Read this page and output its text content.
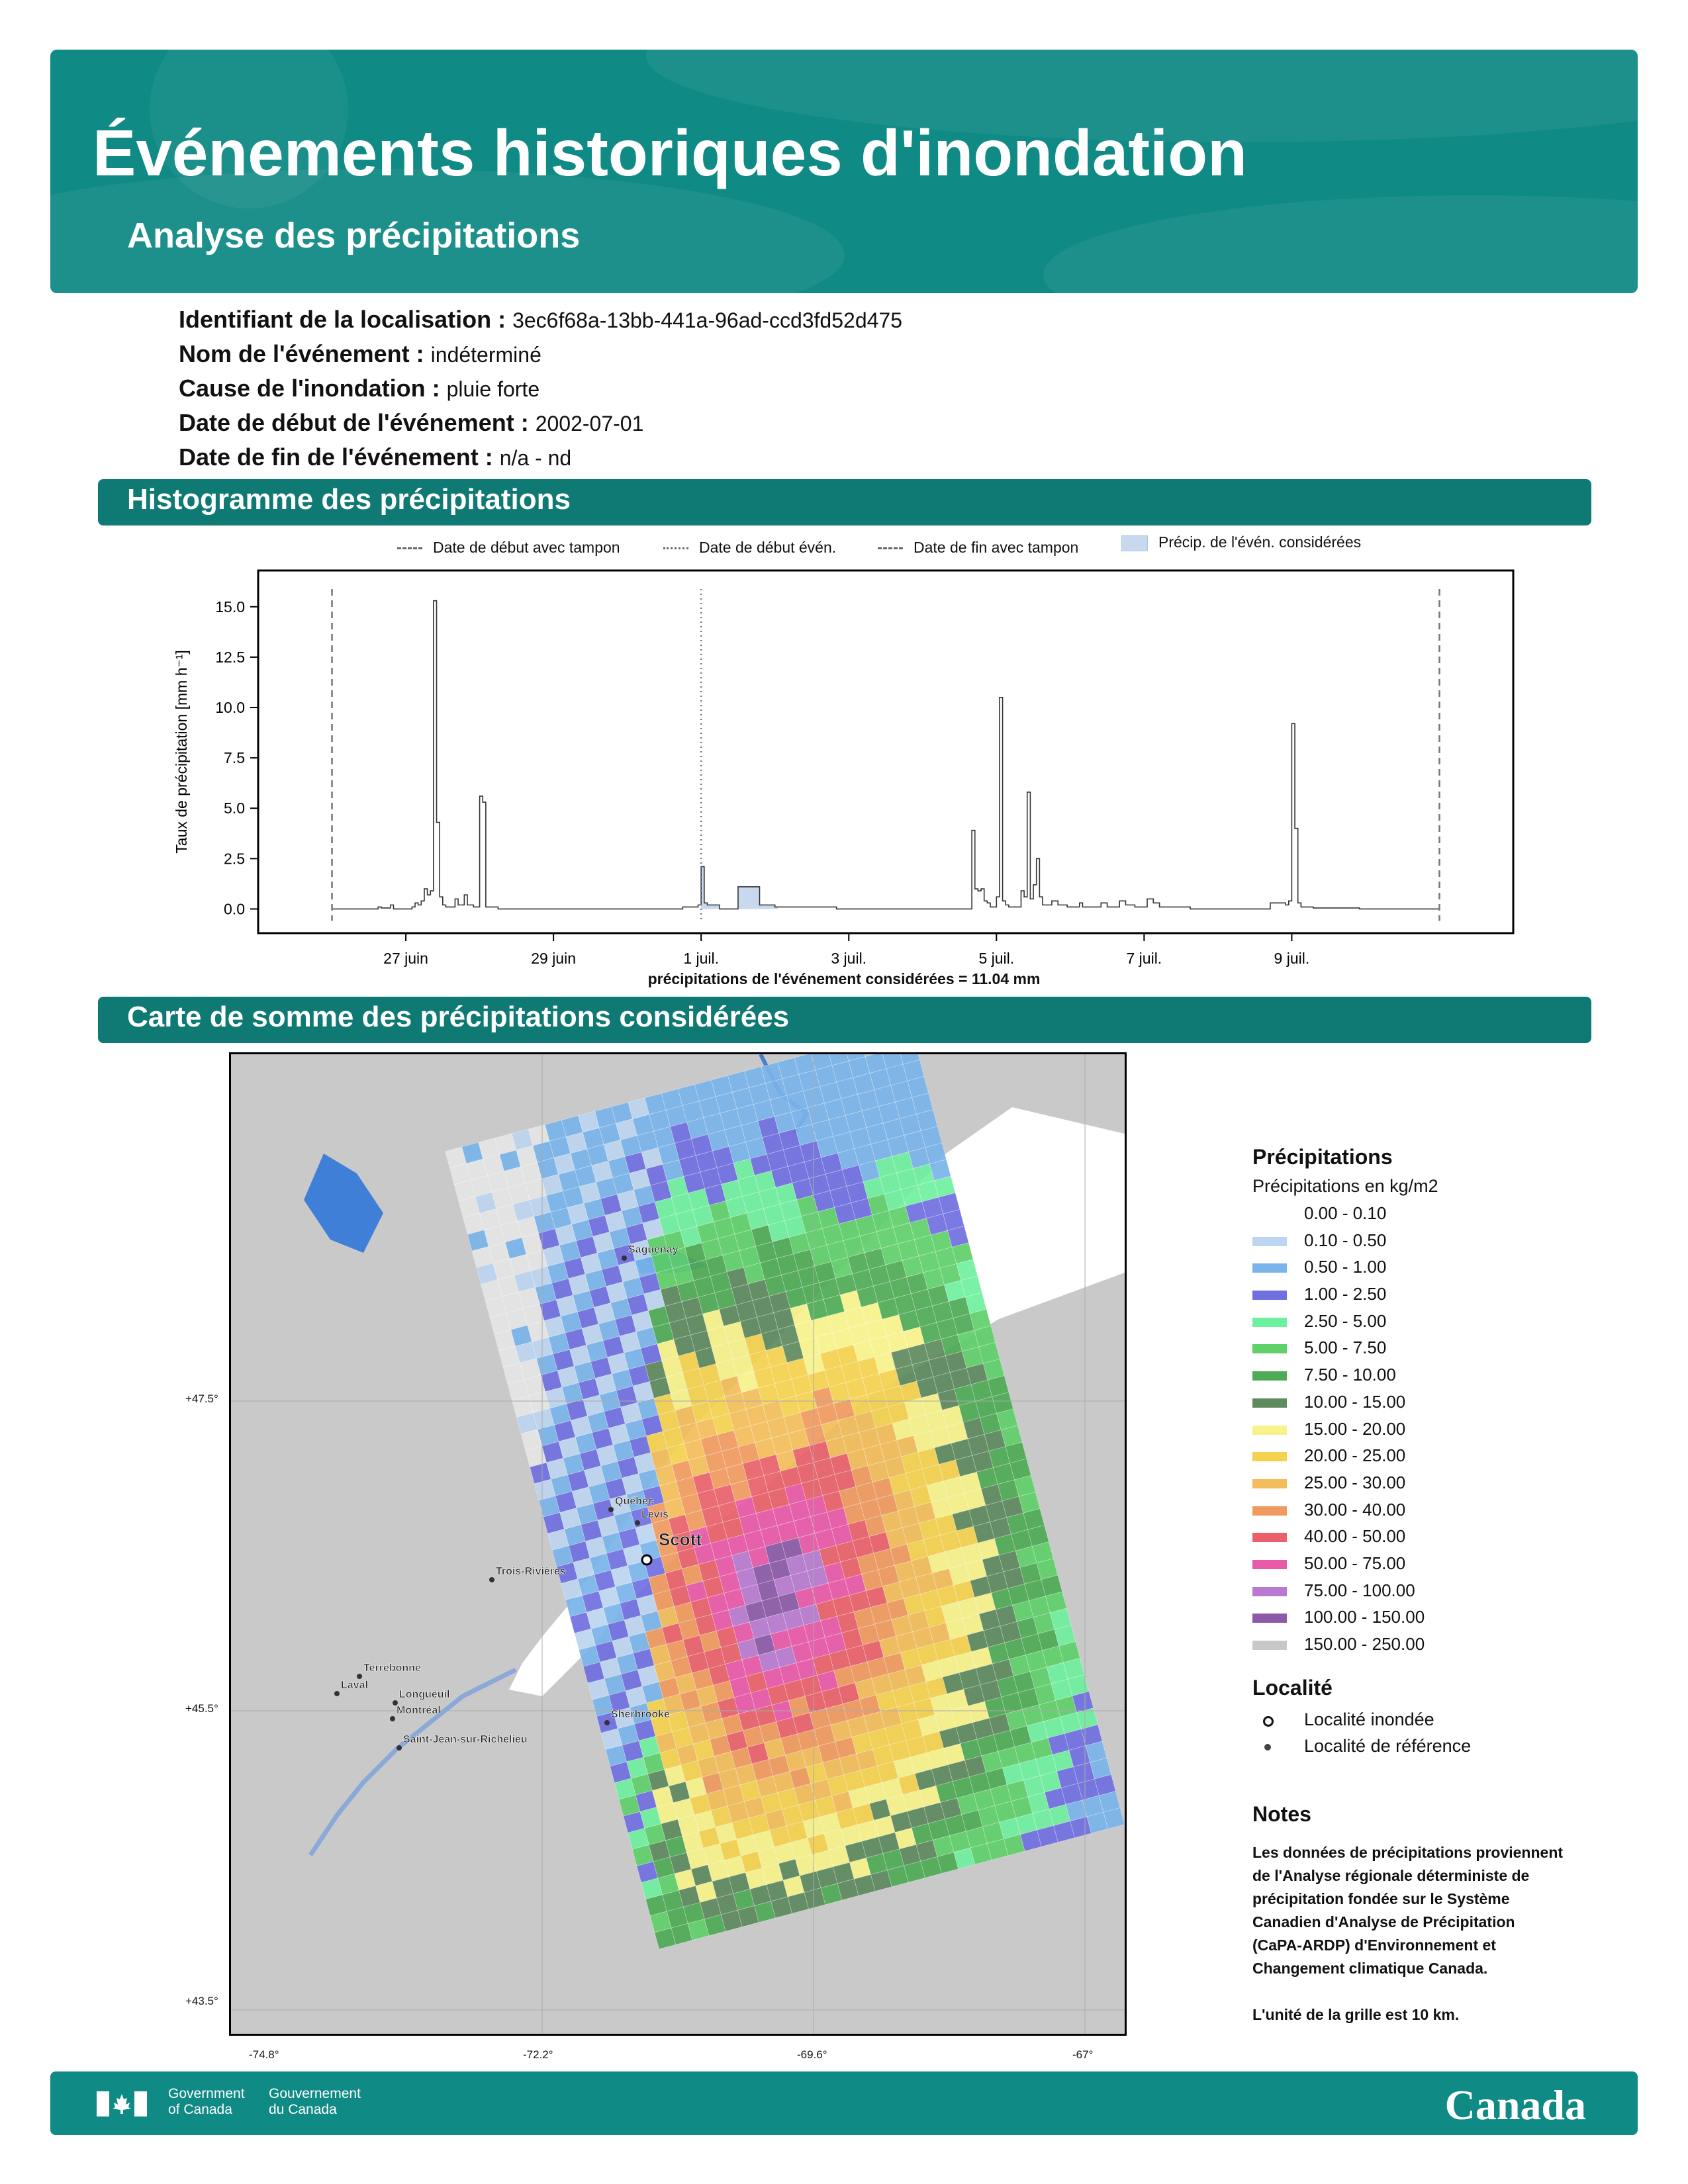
Événements historiques d'inondation
Analyse des précipitations
Identifiant de la localisation : 3ec6f68a-13bb-441a-96ad-ccd3fd52d475
Nom de l'événement : indéterminé
Cause de l'inondation : pluie forte
Date de début de l'événement : 2002-07-01
Date de fin de l'événement : n/a - nd
Histogramme des précipitations
Date de début avec tampon	Date de début évén.	Date de fin avec tampon	Précip. de l'évén. considérées
0.0
2.5
5.0
7.5
10.0
12.5
15.0
27 juin	29 juin	1 juil.	3 juil.	5 juil.	7 juil.	9 juil.
Taux de précipitation [mm h⁻¹]
précipitations de l'événement considérées = 11.04 mm
Carte de somme des précipitations considérées
Saguenay
Québec
Lévis
Scott
Trois-Rivières
Terrebonne
Laval
Longueuil
Montréal	Sherbrooke
Saint-Jean-sur-Richelieu
+47.5°
+45.5°
+43.5°
-74.8°	-72.2°	-69.6°	-67°
Précipitations
Précipitations en kg/m2
0.00 - 0.10
0.10 - 0.50
0.50 - 1.00
1.00 - 2.50
2.50 - 5.00
5.00 - 7.50
7.50 - 10.00
10.00 - 15.00
15.00 - 20.00
20.00 - 25.00
25.00 - 30.00
30.00 - 40.00
40.00 - 50.00
50.00 - 75.00
75.00 - 100.00
100.00 - 150.00
150.00 - 250.00
Localité
Localité inondée
Localité de référence
Notes
Les données de précipitations proviennent
de l'Analyse régionale déterministe de
précipitation fondée sur le Système
Canadien d'Analyse de Précipitation
(CaPA-ARDP) d'Environnement et
Changement climatique Canada.

L'unité de la grille est 10 km.
Government
of Canada
Gouvernement
du Canada	Canada
